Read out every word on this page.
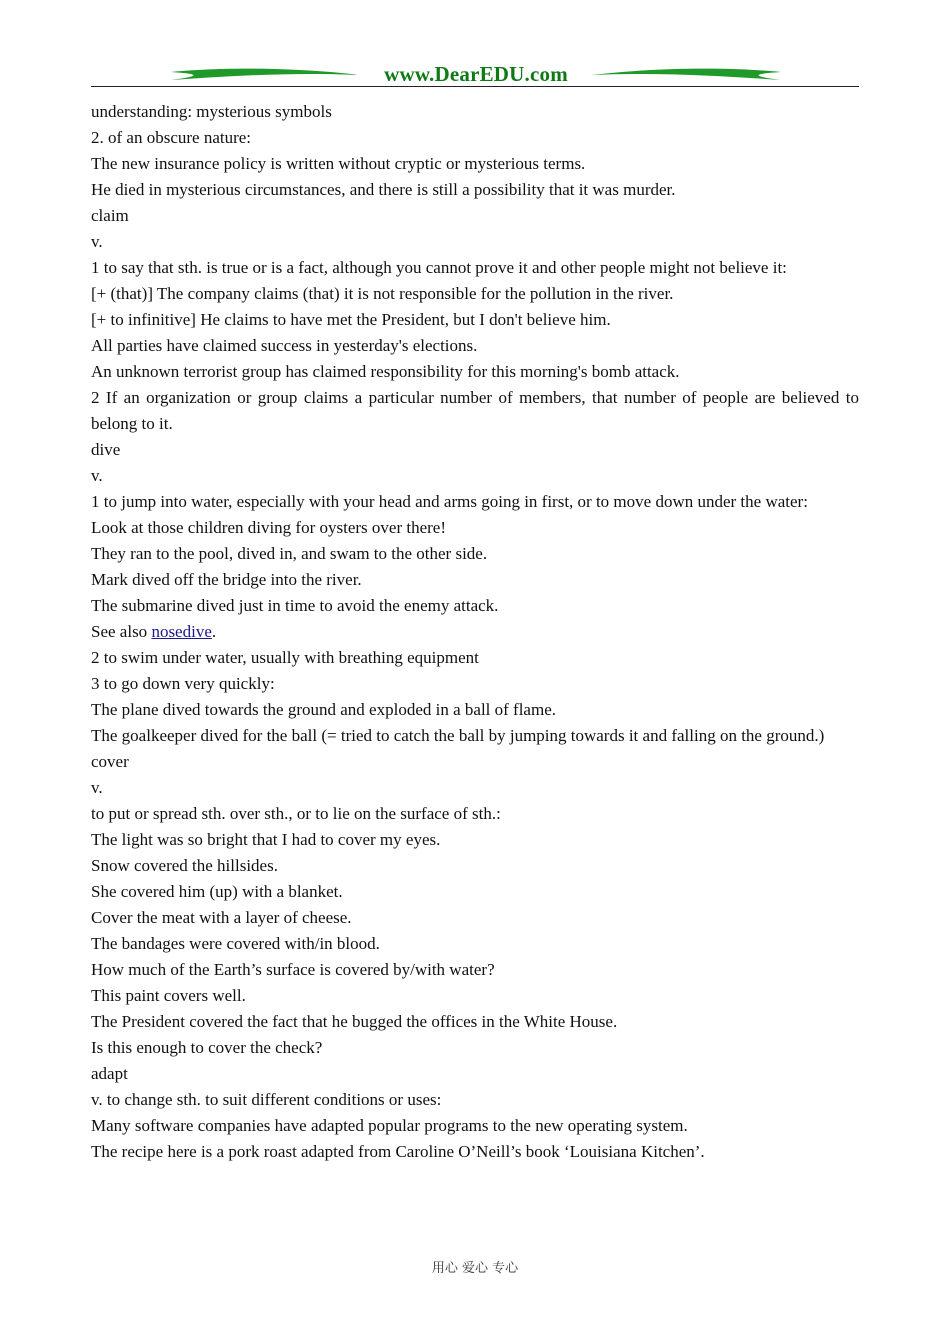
www.DearEDU.com

understanding: mysterious symbols

2. of an obscure nature:

The new insurance policy is written without cryptic or mysterious terms.

He died in mysterious circumstances, and there is still a possibility that it was murder.

claim

v.

1 to say that sth. is true or is a fact, although you cannot prove it and other people might not believe it:

[+ (that)] The company claims (that) it is not responsible for the pollution in the river.

[+ to infinitive] He claims to have met the President, but I don't believe him.

All parties have claimed success in yesterday's elections.

An unknown terrorist group has claimed responsibility for this morning's bomb attack.

2 If an organization or group claims a particular number of members, that number of people are believed to belong to it.

dive

v.

1 to jump into water, especially with your head and arms going in first, or to move down under the water:

Look at those children diving for oysters over there!

They ran to the pool, dived in, and swam to the other side.

Mark dived off the bridge into the river.

The submarine dived just in time to avoid the enemy attack.

See also nosedive.

2 to swim under water, usually with breathing equipment

3 to go down very quickly:

The plane dived towards the ground and exploded in a ball of flame.

The goalkeeper dived for the ball (= tried to catch the ball by jumping towards it and falling on the ground.)

cover

v.

to put or spread sth. over sth., or to lie on the surface of sth.:

The light was so bright that I had to cover my eyes.

Snow covered the hillsides.

She covered him (up) with a blanket.

Cover the meat with a layer of cheese.

The bandages were covered with/in blood.

How much of the Earth’s surface is covered by/with water?

This paint covers well.

The President covered the fact that he bugged the offices in the White House.

Is this enough to cover the check?

adapt

v. to change sth. to suit different conditions or uses:

Many software companies have adapted popular programs to the new operating system.

The recipe here is a pork roast adapted from Caroline O’Neill’s book ‘Louisiana Kitchen’.

用心 爱心 专心
